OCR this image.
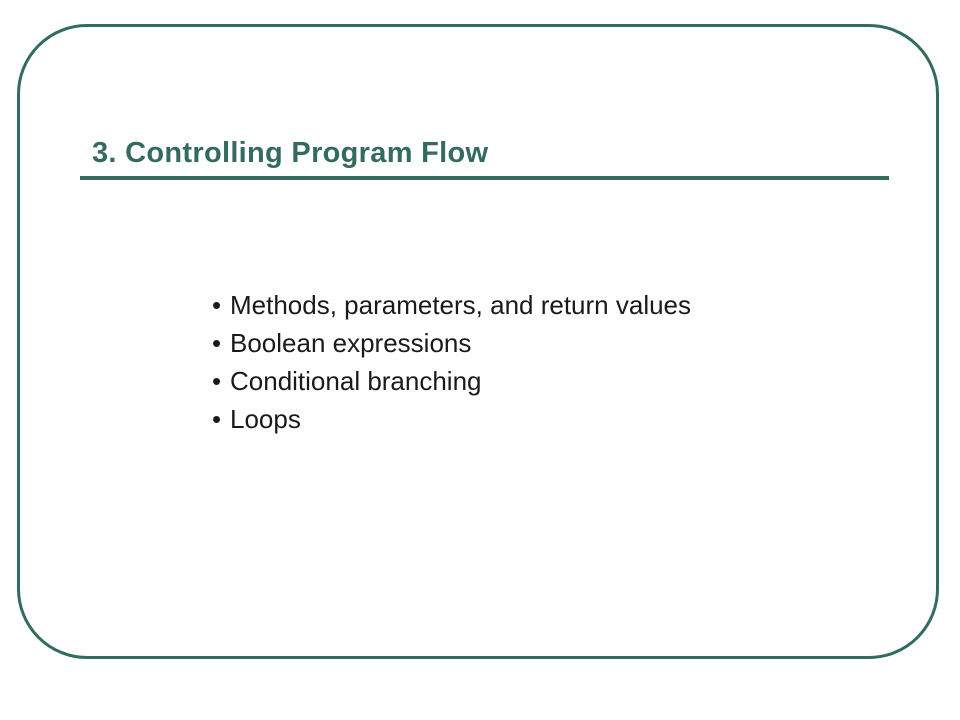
3. Controlling Program Flow
• Methods, parameters, and return values
• Boolean expressions
• Conditional branching
• Loops
